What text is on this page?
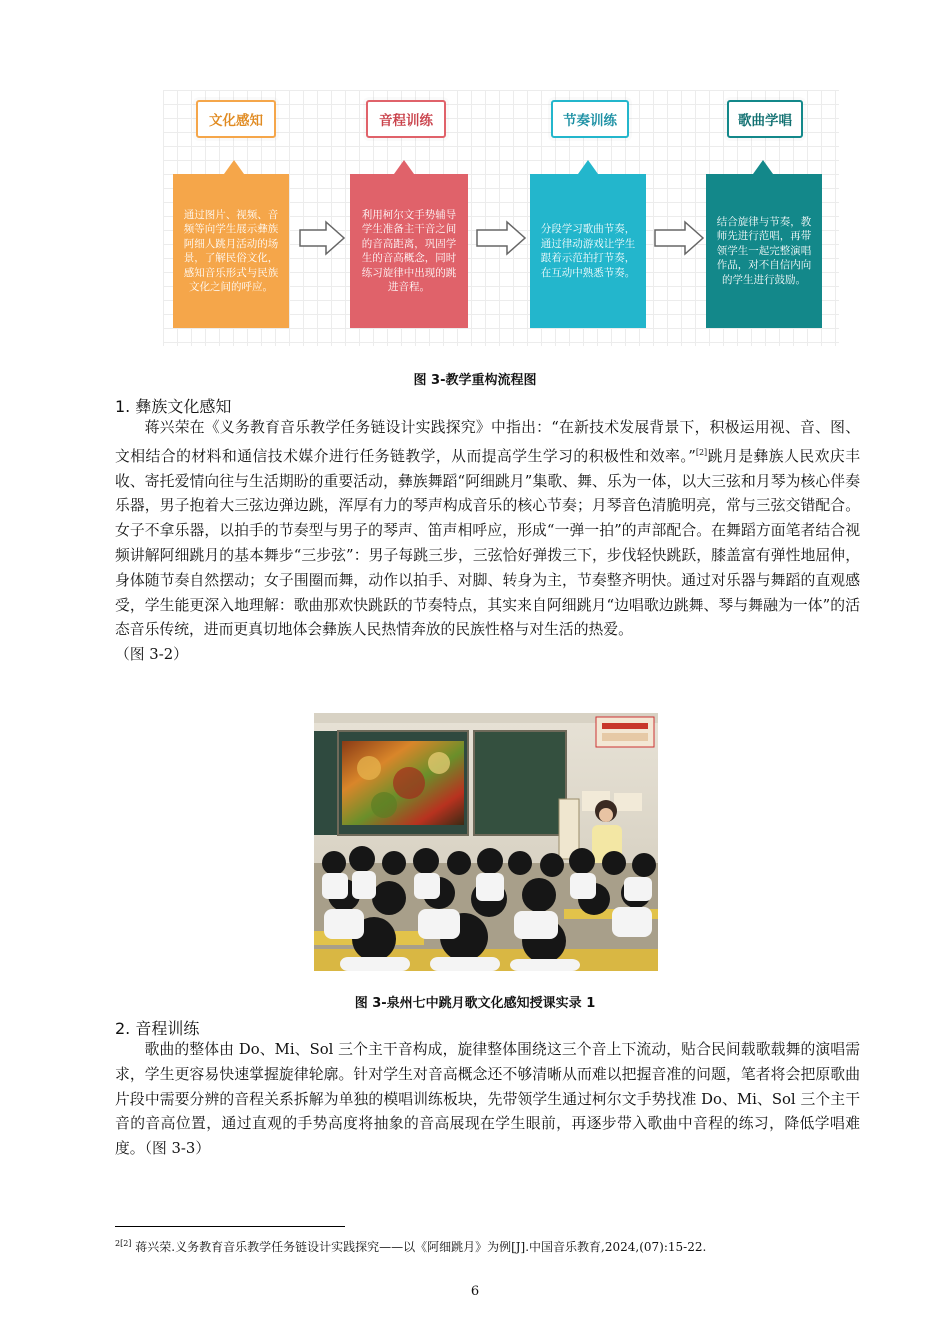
文化感知
通过图片、视频、音频等向学生展示彝族阿细人跳月活动的场景，了解民俗文化，感知音乐形式与民族文化之间的呼应。
音程训练
利用柯尔文手势辅导学生准备主干音之间的音高距离，巩固学生的音高概念，同时练习旋律中出现的跳进音程。
节奏训练
分段学习歌曲节奏，通过律动游戏让学生跟着示范拍打节奏，在互动中熟悉节奏。
歌曲学唱
结合旋律与节奏，教师先进行范唱，再带领学生一起完整演唱作品，对不自信内向的学生进行鼓励。
图 3-教学重构流程图
1. 彝族文化感知

蒋兴荣在《义务教育音乐教学任务链设计实践探究》中指出：“在新技术发展背景下，积极运用视、音、图、文相结合的材料和通信技术媒介进行任务链教学，从而提高学生学习的积极性和效率。”[2]跳月是彝族人民欢庆丰收、寄托爱情向往与生活期盼的重要活动，彝族舞蹈“阿细跳月”集歌、舞、乐为一体，以大三弦和月琴为核心伴奏乐器，男子抱着大三弦边弹边跳，浑厚有力的琴声构成音乐的核心节奏；月琴音色清脆明亮，常与三弦交错配合。女子不拿乐器，以拍手的节奏型与男子的琴声、笛声相呼应，形成“一弹一拍”的声部配合。在舞蹈方面笔者结合视频讲解阿细跳月的基本舞步“三步弦”：男子每跳三步，三弦恰好弹拨三下，步伐轻快跳跃，膝盖富有弹性地屈伸，身体随节奏自然摆动；女子围圈而舞，动作以拍手、对脚、转身为主，节奏整齐明快。通过对乐器与舞蹈的直观感受，学生能更深入地理解：歌曲那欢快跳跃的节奏特点，其实来自阿细跳月“边唱歌边跳舞、琴与舞融为一体”的活态音乐传统，进而更真切地体会彝族人民热情奔放的民族性格与对生活的热爱。

（图 3-2）

图 3-泉州七中跳月歌文化感知授课实录 1
2. 音程训练

歌曲的整体由 Do、Mi、Sol 三个主干音构成，旋律整体围绕这三个音上下流动，贴合民间载歌载舞的演唱需求，学生更容易快速掌握旋律轮廓。针对学生对音高概念还不够清晰从而难以把握音准的问题，笔者将会把原歌曲片段中需要分辨的音程关系拆解为单独的模唱训练板块，先带领学生通过柯尔文手势找准 Do、Mi、Sol 三个主干音的音高位置，通过直观的手势高度将抽象的音高展现在学生眼前，再逐步带入歌曲中音程的练习，降低学唱难度。（图 3-3）

$^{2[2]}$ 蒋兴荣.义务教育音乐教学任务链设计实践探究——以《阿细跳月》为例[J].中国音乐教育,2024,(07):15-22.
6
